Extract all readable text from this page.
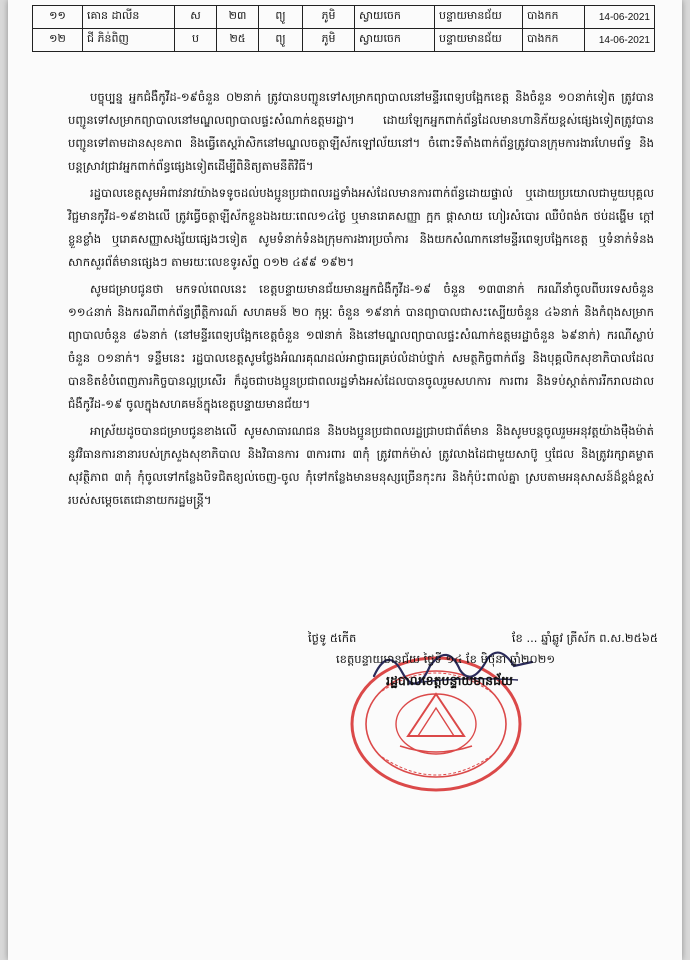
១១	គោន ដាលីន	ស	២៣	ព្យូ	ភូមិ	ស្វាយចេក	បន្ទាយមានជ័យ	បាងកក	14-06-2021
១២	ជី ភិន់ពិញ	ប	២៥	ព្យូ	ភូមិ	ស្វាយចេក	បន្ទាយមានជ័យ	បាងកក	14-06-2021

បច្ចុប្បន្ន អ្នកជំងឺកូវីដ-១៩ចំនួន ០២នាក់ ត្រូវបានបញ្ជូនទៅសម្រាកព្យាបាលនៅមន្ទីរពេទ្យបង្អែកខេត្ត និងចំនួន ១០នាក់ទៀត ត្រូវបានបញ្ជូនទៅសម្រាកព្យាបាលនៅមណ្ឌលព្យាបាលផ្ទះសំណាក់ឧត្តមរដ្ឋា។ ដោយឡែកអ្នកពាក់ព័ន្ធដែលមានហានិភ័យខ្ពស់ផ្សេងទៀតត្រូវបានបញ្ជូនទៅតាមដានសុខភាព និងធ្វើតេស្តរ៉ាសិកនៅមណ្ឌលចត្តាឡីស័កឡៅល័យនៅ។ ចំពោះទីតាំងពាក់ព័ន្ធត្រូវបានក្រុមការងារហែមព័ទ្ធ និងបន្តស្រាវជ្រាវអ្នកពាក់ព័ន្ធផ្សេងទៀតដើម្បីពិនិត្យតាមនីតិវិធី។

រដ្ឋបាលខេត្តសូមអំពាវនាវយ៉ាងទទូចដល់បងប្អូនប្រជាពលរដ្ឋទាំងអស់ដែលមានការពាក់ព័ន្ធដោយផ្ទាល់ ឬដោយប្រយោលជាមួយបុគ្គលវិជ្ជមានកូវីដ-១៩ខាងលើ ត្រូវធ្វើចត្តាឡីស័កខ្លួនឯងរយៈពេល១៤ថ្ងៃ ឬមានរោគសញ្ញា ក្អក ផ្តាសាយ ហៀរសំបោរ ឈឺបំពង់ក ថប់ដង្ហើម ក្តៅខ្លួនខ្លាំង ឬរោគសញ្ញាសង្ស័យផ្សេងៗទៀត សូមទំនាក់ទំនងក្រុមការងារប្រចាំការ និងយកសំណាកនៅមន្ទីរពេទ្យបង្អែកខេត្ត ឬទំនាក់ទំនងសាកសួរព័ត៌មានផ្សេងៗ តាមរយៈលេខទូរស័ព្ទ ០១២ ៤៩៩ ១៩២។

សូមជម្រាបជូនថា មកទល់ពេលនេះ ខេត្តបន្ទាយមានជ័យមានអ្នកជំងឺកូវីដ-១៩ ចំនួន ១៣៣នាក់ ករណីនាំចូលពីបរទេសចំនួន ១១៤នាក់ និងករណីពាក់ព័ន្ធព្រឹត្តិការណ៍ សហគមន៍ ២០ កុម្ភៈ ចំនួន ១៩នាក់ បានព្យាបាលជាសះស្បើយចំនួន ៤៦នាក់ និងកំពុងសម្រាកព្យាបាលចំនួន ៨៦នាក់ (នៅមន្ទីរពេទ្យបង្អែកខេត្តចំនួន ១៧នាក់ និងនៅមណ្ឌលព្យាបាលផ្ទះសំណាក់ឧត្តមរដ្ឋាចំនួន ៦៩នាក់) ករណីស្លាប់ចំនួន ០១នាក់។ ទន្ទឹមនេះ រដ្ឋបាលខេត្តសូមថ្លែងអំណរគុណដល់អាជ្ញាធរគ្រប់លំដាប់ថ្នាក់ សមត្ថកិច្ចពាក់ព័ន្ធ និងបុគ្គលិកសុខាភិបាលដែលបានខិតខំបំពេញភារកិច្ចបានល្អប្រសើរ ក៏ដូចជាបងប្អូនប្រជាពលរដ្ឋទាំងអស់ដែលបានចូលរួមសហការ ការពារ និងទប់ស្កាត់ការរីករាលដាលជំងឺកូវីដ-១៩ ចូលក្នុងសហគមន៍ក្នុងខេត្តបន្ទាយមានជ័យ។

អាស្រ័យដូចបានជម្រាបជូនខាងលើ សូមសាធារណជន និងបងប្អូនប្រជាពលរដ្ឋជ្រាបជាព័ត៌មាន និងសូមបន្តចូលរួមអនុវត្តយ៉ាងម៉ឺងម៉ាត់នូវវិធានការនានារបស់ក្រសួងសុខាភិបាល និងវិធានការ ៣ការពារ ៣កុំ ត្រូវពាក់ម៉ាស់ ត្រូវលាងដៃជាមួយសាប៊ូ ឬជែល និងត្រូវរក្សាគម្លាតសុវត្ថិភាព ៣កុំ កុំចូលទៅកន្លែងបិទជិតខ្យល់ចេញ-ចូល កុំទៅកន្លែងមានមនុស្សច្រើនកុះករ និងកុំប៉ះពាល់គ្នា ស្របតាមអនុសាសន៍ដ៏ខ្ពង់ខ្ពស់របស់សម្តេចតេជោនាយករដ្ឋមន្ត្រី។

ថ្ងៃទូ ៥កើត	ខែ ... ឆ្នាំឆ្លូវ ត្រីស័ក ព.ស.២៥៦៥
ខេត្តបន្ទាយមានជ័យ ថ្ងៃទី ១៤ ខែ មិថុនា ឆ្នាំ២០២១
រដ្ឋបាលខេត្តបន្ទាយមានជ័យ
